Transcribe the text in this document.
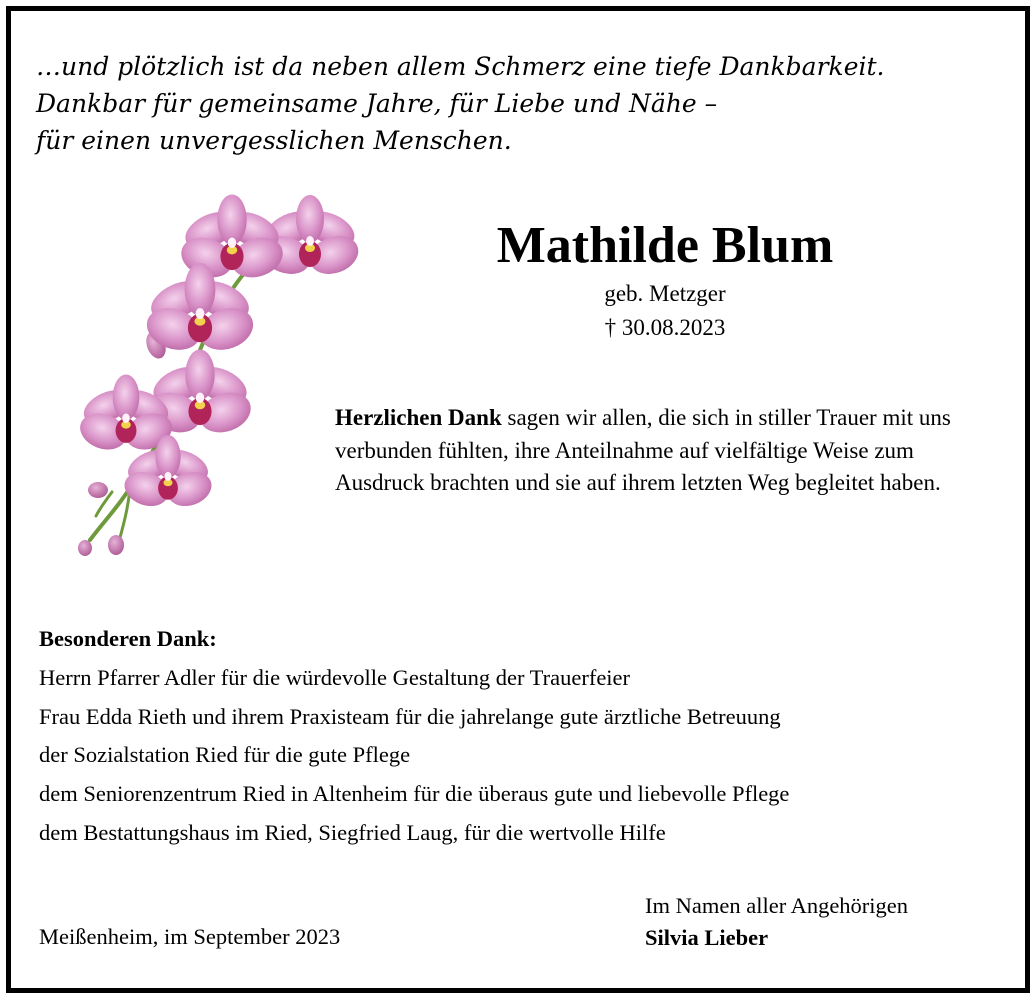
…und plötzlich ist da neben allem Schmerz eine tiefe Dankbarkeit.
Dankbar für gemeinsame Jahre, für Liebe und Nähe –
für einen unvergesslichen Menschen.
Mathilde Blum
geb. Metzger
† 30.08.2023
Herzlichen Dank sagen wir allen, die sich in stiller Trauer mit uns verbunden fühlten, ihre Anteilnahme auf vielfältige Weise zum Ausdruck brachten und sie auf ihrem letzten Weg begleitet haben.
Besonderen Dank:
Herrn Pfarrer Adler für die würdevolle Gestaltung der Trauerfeier
Frau Edda Rieth und ihrem Praxisteam für die jahrelange gute ärztliche Betreuung
der Sozialstation Ried für die gute Pflege
dem Seniorenzentrum Ried in Altenheim für die überaus gute und liebevolle Pflege
dem Bestattungshaus im Ried, Siegfried Laug, für die wertvolle Hilfe
Meißenheim, im September 2023
Im Namen aller Angehörigen
Silvia Lieber
